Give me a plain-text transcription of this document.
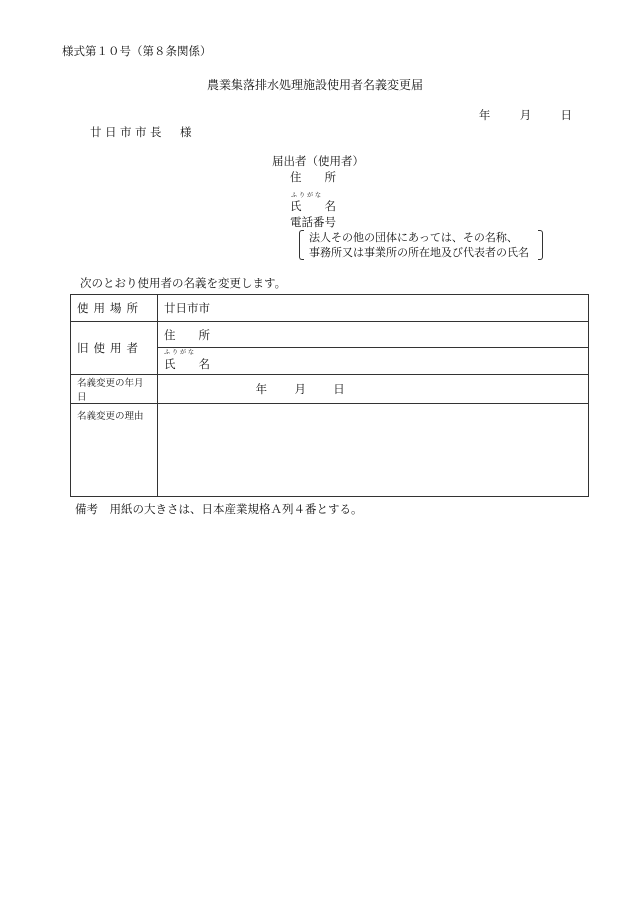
様式第１０号（第８条関係）
農業集落排水処理施設使用者名義変更届
年	月	日
廿日市市長　様
届出者（使用者）
住　　所
ふりがな
氏　　名
電話番号
法人その他の団体にあっては、その名称、
事務所又は事業所の所在地及び代表者の氏名
次のとおり使用者の名義を変更します。
使用場所	廿日市市
旧使用者	住　　所

	ふりがな
氏　　名
名義変更の年月日	年 月 日
名義変更の理由	
備考　用紙の大きさは、日本産業規格Ａ列４番とする。
